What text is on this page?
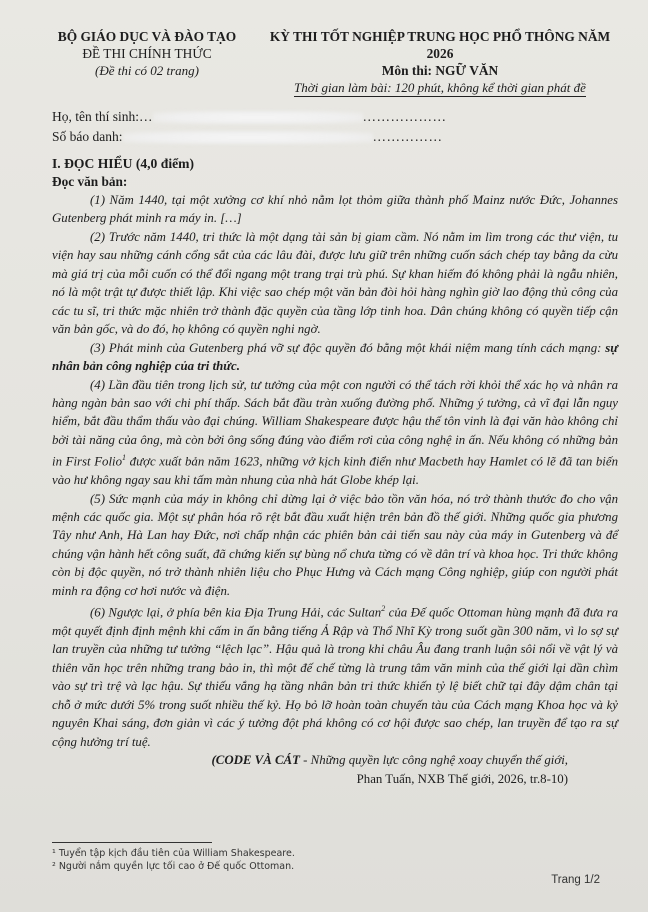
BỘ GIÁO DỤC VÀ ĐÀO TẠO
ĐỀ THI CHÍNH THỨC
(Đề thi có 02 trang)
KỲ THI TỐT NGHIỆP TRUNG HỌC PHỔ THÔNG NĂM 2026
Môn thi: NGỮ VĂN
Thời gian làm bài: 120 phút, không kể thời gian phát đề
Họ, tên thí sinh:…	………………
Số báo danh:	……………
I. ĐỌC HIỂU (4,0 điểm)
Đọc văn bản:

(1) Năm 1440, tại một xưởng cơ khí nhỏ nằm lọt thỏm giữa thành phố Mainz nước Đức, Johannes Gutenberg phát minh ra máy in. […]

(2) Trước năm 1440, tri thức là một dạng tài sản bị giam cầm. Nó nằm im lìm trong các thư viện, tu viện hay sau những cánh cổng sắt của các lâu đài, được lưu giữ trên những cuốn sách chép tay bằng da cừu mà giá trị của mỗi cuốn có thể đổi ngang một trang trại trù phú. Sự khan hiếm đó không phải là ngẫu nhiên, nó là một trật tự được thiết lập. Khi việc sao chép một văn bản đòi hỏi hàng nghìn giờ lao động thủ công của các tu sĩ, tri thức mặc nhiên trở thành đặc quyền của tầng lớp tinh hoa. Dân chúng không có quyền tiếp cận văn bản gốc, và do đó, họ không có quyền nghi ngờ.

(3) Phát minh của Gutenberg phá vỡ sự độc quyền đó bằng một khái niệm mang tính cách mạng: sự nhân bản công nghiệp của tri thức.

(4) Lần đầu tiên trong lịch sử, tư tưởng của một con người có thể tách rời khỏi thể xác họ và nhân ra hàng ngàn bản sao với chi phí thấp. Sách bắt đầu tràn xuống đường phố. Những ý tưởng, cả vĩ đại lẫn nguy hiểm, bắt đầu thẩm thấu vào đại chúng. William Shakespeare được hậu thế tôn vinh là đại văn hào không chỉ bởi tài năng của ông, mà còn bởi ông sống đúng vào điểm rơi của công nghệ in ấn. Nếu không có những bản in First Folio$^1$ được xuất bản năm 1623, những vở kịch kinh điển như Macbeth hay Hamlet có lẽ đã tan biến vào hư không ngay sau khi tấm màn nhung của nhà hát Globe khép lại.

(5) Sức mạnh của máy in không chỉ dừng lại ở việc bảo tồn văn hóa, nó trở thành thước đo cho vận mệnh các quốc gia. Một sự phân hóa rõ rệt bắt đầu xuất hiện trên bản đồ thế giới. Những quốc gia phương Tây như Anh, Hà Lan hay Đức, nơi chấp nhận các phiên bản cải tiến sau này của máy in Gutenberg và để chúng vận hành hết công suất, đã chứng kiến sự bùng nổ chưa từng có về dân trí và khoa học. Tri thức không còn bị độc quyền, nó trở thành nhiên liệu cho Phục Hưng và Cách mạng Công nghiệp, giúp con người phát minh ra động cơ hơi nước và điện.

(6) Ngược lại, ở phía bên kia Địa Trung Hải, các Sultan$^2$ của Đế quốc Ottoman hùng mạnh đã đưa ra một quyết định định mệnh khi cấm in ấn bằng tiếng Ả Rập và Thổ Nhĩ Kỳ trong suốt gần 300 năm, vì lo sợ sự lan truyền của những tư tưởng “lệch lạc”. Hậu quả là trong khi châu Âu đang tranh luận sôi nổi về vật lý và thiên văn học trên những trang bảo in, thì một đế chế từng là trung tâm văn minh của thế giới lại dần chìm vào sự trì trệ và lạc hậu. Sự thiếu vắng hạ tầng nhân bản tri thức khiến tỷ lệ biết chữ tại đây dậm chân tại chỗ ở mức dưới 5% trong suốt nhiều thế kỷ. Họ bỏ lỡ hoàn toàn chuyến tàu của Cách mạng Khoa học và kỷ nguyên Khai sáng, đơn giản vì các ý tưởng đột phá không có cơ hội được sao chép, lan truyền để tạo ra sự cộng hưởng trí tuệ.

(CODE VÀ CÁT - Những quyền lực công nghệ xoay chuyển thế giới,
Phan Tuấn, NXB Thế giới, 2026, tr.8-10)
¹ Tuyển tập kịch đầu tiên của William Shakespeare.
² Người nắm quyền lực tối cao ở Đế quốc Ottoman.
Trang 1/2
